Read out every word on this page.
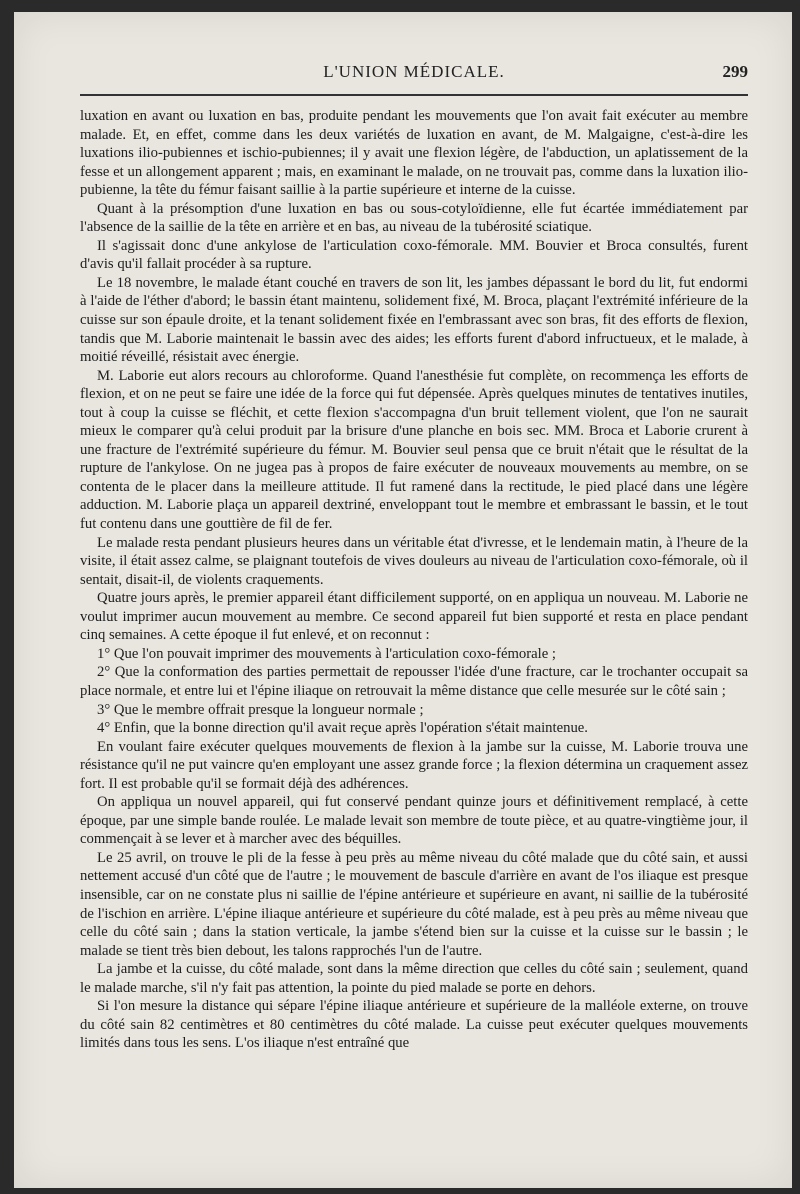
L'UNION MÉDICALE.	299

luxation en avant ou luxation en bas, produite pendant les mouvements que l'on avait fait exécuter au membre malade. Et, en effet, comme dans les deux variétés de luxation en avant, de M. Malgaigne, c'est-à-dire les luxations ilio-pubiennes et ischio-pubiennes; il y avait une flexion légère, de l'abduction, un aplatissement de la fesse et un allongement apparent ; mais, en examinant le malade, on ne trouvait pas, comme dans la luxation ilio-pubienne, la tête du fémur faisant saillie à la partie supérieure et interne de la cuisse.

Quant à la présomption d'une luxation en bas ou sous-cotyloïdienne, elle fut écartée immédiatement par l'absence de la saillie de la tête en arrière et en bas, au niveau de la tubérosité sciatique.

Il s'agissait donc d'une ankylose de l'articulation coxo-fémorale. MM. Bouvier et Broca consultés, furent d'avis qu'il fallait procéder à sa rupture.

Le 18 novembre, le malade étant couché en travers de son lit, les jambes dépassant le bord du lit, fut endormi à l'aide de l'éther d'abord; le bassin étant maintenu, solidement fixé, M. Broca, plaçant l'extrémité inférieure de la cuisse sur son épaule droite, et la tenant solidement fixée en l'embrassant avec son bras, fit des efforts de flexion, tandis que M. Laborie maintenait le bassin avec des aides; les efforts furent d'abord infructueux, et le malade, à moitié réveillé, résistait avec énergie.

M. Laborie eut alors recours au chloroforme. Quand l'anesthésie fut complète, on recommença les efforts de flexion, et on ne peut se faire une idée de la force qui fut dépensée. Après quelques minutes de tentatives inutiles, tout à coup la cuisse se fléchit, et cette flexion s'accompagna d'un bruit tellement violent, que l'on ne saurait mieux le comparer qu'à celui produit par la brisure d'une planche en bois sec. MM. Broca et Laborie crurent à une fracture de l'extrémité supérieure du fémur. M. Bouvier seul pensa que ce bruit n'était que le résultat de la rupture de l'ankylose. On ne jugea pas à propos de faire exécuter de nouveaux mouvements au membre, on se contenta de le placer dans la meilleure attitude. Il fut ramené dans la rectitude, le pied placé dans une légère adduction. M. Laborie plaça un appareil dextriné, enveloppant tout le membre et embrassant le bassin, et le tout fut contenu dans une gouttière de fil de fer.

Le malade resta pendant plusieurs heures dans un véritable état d'ivresse, et le lendemain matin, à l'heure de la visite, il était assez calme, se plaignant toutefois de vives douleurs au niveau de l'articulation coxo-fémorale, où il sentait, disait-il, de violents craquements.

Quatre jours après, le premier appareil étant difficilement supporté, on en appliqua un nouveau. M. Laborie ne voulut imprimer aucun mouvement au membre. Ce second appareil fut bien supporté et resta en place pendant cinq semaines. A cette époque il fut enlevé, et on reconnut :

1° Que l'on pouvait imprimer des mouvements à l'articulation coxo-fémorale ;

2° Que la conformation des parties permettait de repousser l'idée d'une fracture, car le trochanter occupait sa place normale, et entre lui et l'épine iliaque on retrouvait la même distance que celle mesurée sur le côté sain ;

3° Que le membre offrait presque la longueur normale ;

4° Enfin, que la bonne direction qu'il avait reçue après l'opération s'était maintenue.

En voulant faire exécuter quelques mouvements de flexion à la jambe sur la cuisse, M. Laborie trouva une résistance qu'il ne put vaincre qu'en employant une assez grande force ; la flexion détermina un craquement assez fort. Il est probable qu'il se formait déjà des adhérences.

On appliqua un nouvel appareil, qui fut conservé pendant quinze jours et définitivement remplacé, à cette époque, par une simple bande roulée. Le malade levait son membre de toute pièce, et au quatre-vingtième jour, il commençait à se lever et à marcher avec des béquilles.

Le 25 avril, on trouve le pli de la fesse à peu près au même niveau du côté malade que du côté sain, et aussi nettement accusé d'un côté que de l'autre ; le mouvement de bascule d'arrière en avant de l'os iliaque est presque insensible, car on ne constate plus ni saillie de l'épine antérieure et supérieure en avant, ni saillie de la tubérosité de l'ischion en arrière. L'épine iliaque antérieure et supérieure du côté malade, est à peu près au même niveau que celle du côté sain ; dans la station verticale, la jambe s'étend bien sur la cuisse et la cuisse sur le bassin ; le malade se tient très bien debout, les talons rapprochés l'un de l'autre.

La jambe et la cuisse, du côté malade, sont dans la même direction que celles du côté sain ; seulement, quand le malade marche, s'il n'y fait pas attention, la pointe du pied malade se porte en dehors.

Si l'on mesure la distance qui sépare l'épine iliaque antérieure et supérieure de la malléole externe, on trouve du côté sain 82 centimètres et 80 centimètres du côté malade. La cuisse peut exécuter quelques mouvements limités dans tous les sens. L'os iliaque n'est entraîné que
